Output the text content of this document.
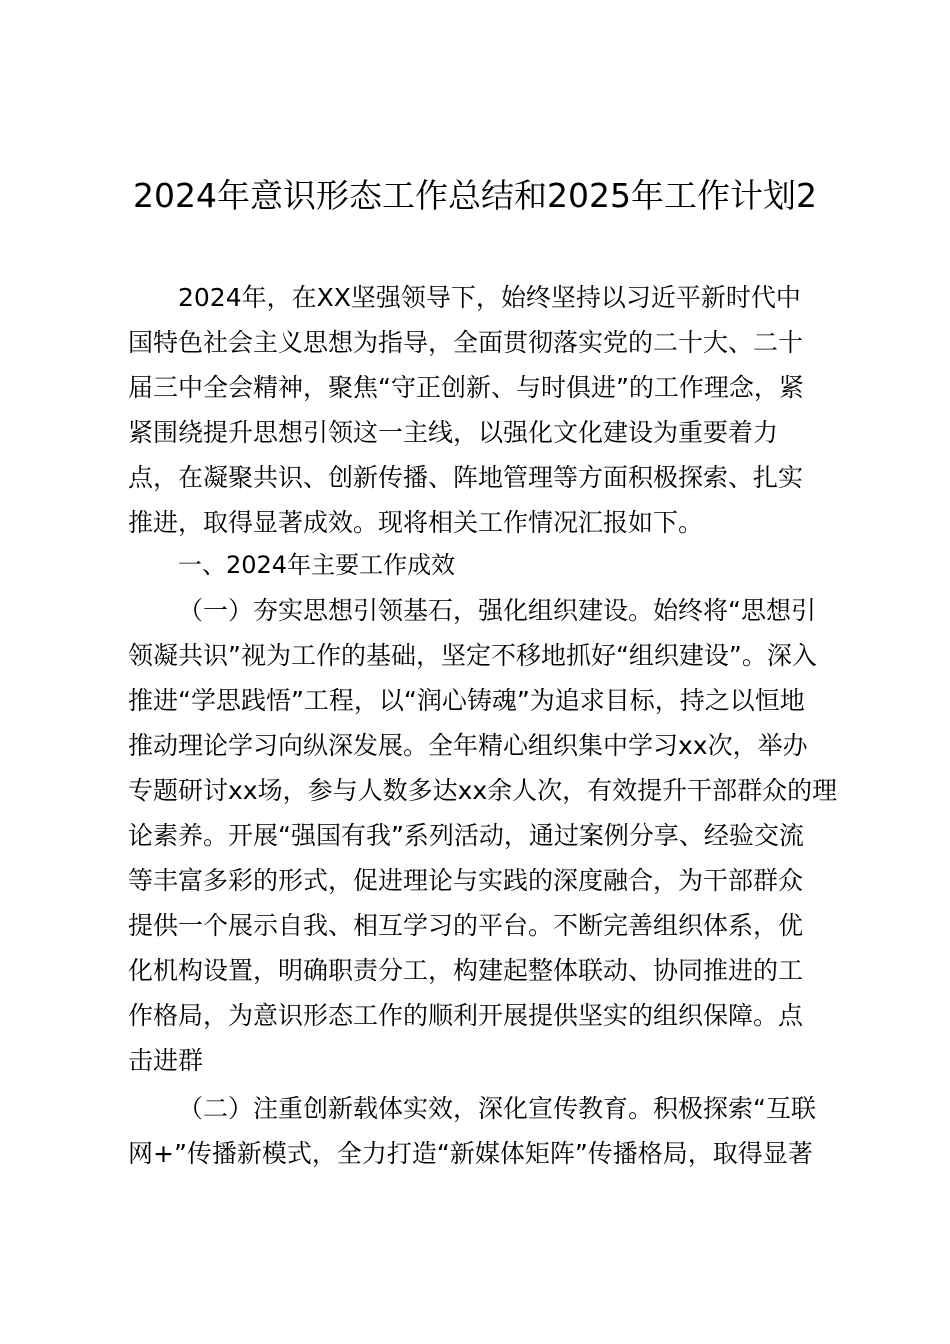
2024年意识形态工作总结和2025年工作计划2

2024年，在XX坚强领导下，始终坚持以习近平新时代中

国特色社会主义思想为指导，全面贯彻落实党的二十大、二十

届三中全会精神，聚焦“守正创新、与时俱进”的工作理念，紧

紧围绕提升思想引领这一主线，以强化文化建设为重要着力

点，在凝聚共识、创新传播、阵地管理等方面积极探索、扎实

推进，取得显著成效。现将相关工作情况汇报如下。

一、2024年主要工作成效

（一）夯实思想引领基石，强化组织建设。始终将“思想引

领凝共识”视为工作的基础，坚定不移地抓好“组织建设”。深入

推进“学思践悟”工程，以“润心铸魂”为追求目标，持之以恒地

推动理论学习向纵深发展。全年精心组织集中学习xx次，举办

专题研讨xx场，参与人数多达xx余人次，有效提升干部群众的理

论素养。开展“强国有我”系列活动，通过案例分享、经验交流

等丰富多彩的形式，促进理论与实践的深度融合，为干部群众

提供一个展示自我、相互学习的平台。不断完善组织体系，优

化机构设置，明确职责分工，构建起整体联动、协同推进的工

作格局，为意识形态工作的顺利开展提供坚实的组织保障。点

击进群

（二）注重创新载体实效，深化宣传教育。积极探索“互联

网+”传播新模式，全力打造“新媒体矩阵”传播格局，取得显著
